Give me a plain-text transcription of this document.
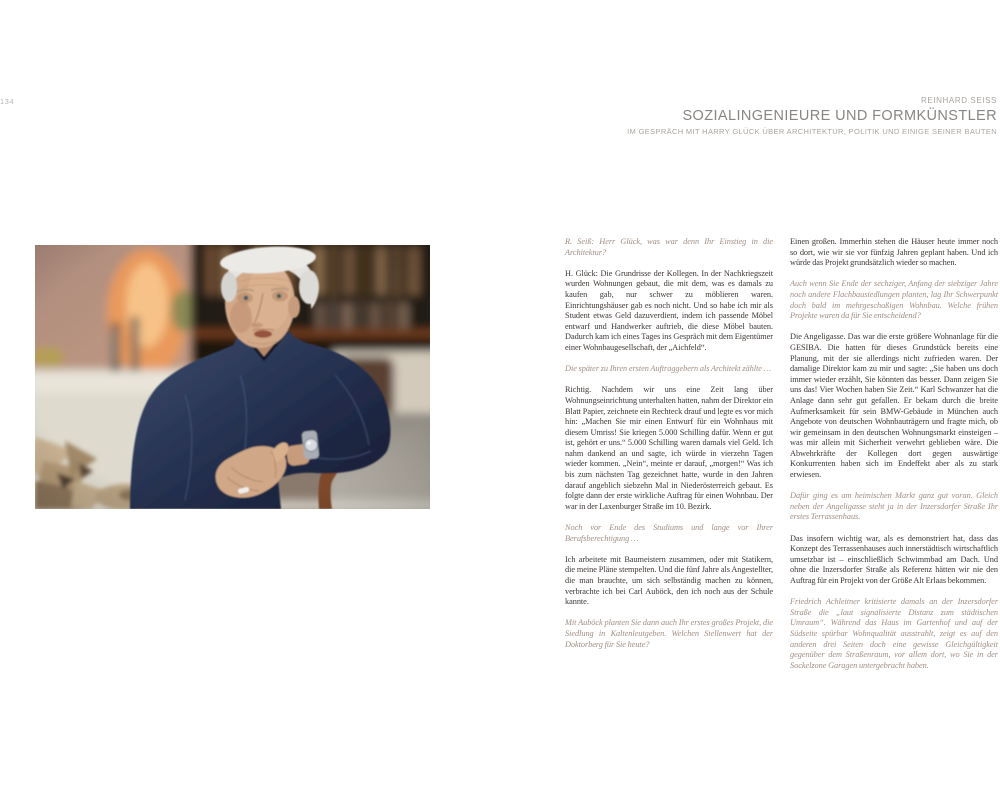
134	REINHARD SEISS
SOZIALINGENIEURE UND FORMKÜNSTLER
IM GESPRÄCH MIT HARRY GLÜCK ÜBER ARCHITEKTUR, POLITIK UND EINIGE SEINER BAUTEN

R. Seiß: Herr Glück, was war denn Ihr Einstieg in die Architektur?

H. Glück: Die Grundrisse der Kollegen. In der Nachkriegszeit wurden Wohnungen gebaut, die mit dem, was es damals zu kaufen gab, nur schwer zu möblieren waren. Einrichtungshäuser gab es noch nicht. Und so habe ich mir als Student etwas Geld dazuverdient, indem ich passende Möbel entwarf und Handwerker auftrieb, die diese Möbel bauten. Dadurch kam ich eines Tages ins Gespräch mit dem Eigentümer einer Wohnbaugesellschaft, der „Aichfeld“.

Die später zu Ihren ersten Auftraggebern als Architekt zählte …

Richtig. Nachdem wir uns eine Zeit lang über Wohnungseinrichtung unterhalten hatten, nahm der Direktor ein Blatt Papier, zeichnete ein Rechteck drauf und legte es vor mich hin: „Machen Sie mir einen Entwurf für ein Wohnhaus mit diesem Umriss! Sie kriegen 5.000 Schilling dafür. Wenn er gut ist, gehört er uns.“ 5.000 Schilling waren damals viel Geld. Ich nahm dankend an und sagte, ich würde in vierzehn Tagen wieder kommen. „Nein“, meinte er darauf, „morgen!“ Was ich bis zum nächsten Tag gezeichnet hatte, wurde in den Jahren darauf angeblich siebzehn Mal in Niederösterreich gebaut. Es folgte dann der erste wirkliche Auftrag für einen Wohnbau. Der war in der Laxenburger Straße im 10. Bezirk.

Noch vor Ende des Studiums und lange vor Ihrer Berufsberechtigung …

Ich arbeitete mit Baumeistern zusammen, oder mit Statikern, die meine Pläne stempelten. Und die fünf Jahre als Angestellter, die man brauchte, um sich selbständig machen zu können, verbrachte ich bei Carl Auböck, den ich noch aus der Schule kannte.

Mit Auböck planten Sie dann auch Ihr erstes großes Projekt, die Siedlung in Kaltenleutgeben. Welchen Stellenwert hat der Doktorberg für Sie heute?

Einen großen. Immerhin stehen die Häuser heute immer noch so dort, wie wir sie vor fünfzig Jahren geplant haben. Und ich würde das Projekt grundsätzlich wieder so machen.

Auch wenn Sie Ende der sechziger, Anfang der siebziger Jahre noch andere Flachbausiedlungen planten, lag Ihr Schwerpunkt doch bald im mehrgeschoßigen Wohnbau. Welche frühen Projekte waren da für Sie entscheidend?

Die Angeligasse. Das war die erste größere Wohnanlage für die GESIBA. Die hatten für dieses Grundstück bereits eine Planung, mit der sie allerdings nicht zufrieden waren. Der damalige Direktor kam zu mir und sagte: „Sie haben uns doch immer wieder erzählt, Sie könnten das besser. Dann zeigen Sie uns das! Vier Wochen haben Sie Zeit.“ Karl Schwanzer hat die Anlage dann sehr gut gefallen. Er bekam durch die breite Aufmerksamkeit für sein BMW-Gebäude in München auch Angebote von deutschen Wohnbauträgern und fragte mich, ob wir gemeinsam in den deutschen Wohnungsmarkt einsteigen – was mir allein mit Sicherheit verwehrt geblieben wäre. Die Abwehrkräfte der Kollegen dort gegen auswärtige Konkurrenten haben sich im Endeffekt aber als zu stark erwiesen.

Dafür ging es am heimischen Markt ganz gut voran. Gleich neben der Angeligasse steht ja in der Inzersdorfer Straße Ihr erstes Terrassenhaus.

Das insofern wichtig war, als es demonstriert hat, dass das Konzept des Terrassenhauses auch innerstädtisch wirtschaftlich umsetzbar ist – einschließlich Schwimmbad am Dach. Und ohne die Inzersdorfer Straße als Referenz hätten wir nie den Auftrag für ein Projekt von der Größe Alt Erlaas bekommen.

Friedrich Achleitner kritisierte damals an der Inzersdorfer Straße die „laut signalisierte Distanz zum städtischen Umraum“. Während das Haus im Gartenhof und auf der Südseite spürbar Wohnqualität ausstrahlt, zeigt es auf den anderen drei Seiten doch eine gewisse Gleichgültigkeit gegenüber dem Straßenraum, vor allem dort, wo Sie in der Sockelzone Garagen untergebracht haben.
